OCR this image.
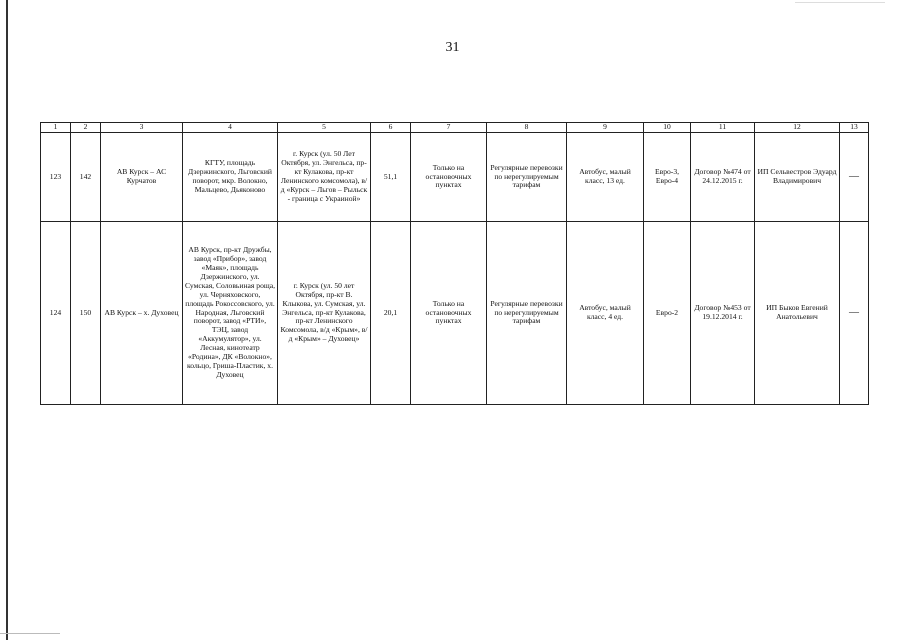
31
1	2	3	4	5	6	7	8	9	10	11	12	13
123	142	АВ Курск – АС Курчатов	КГТУ, площадь Дзержинского, Льговский поворот, мкр. Волокно, Мальцево, Дьяконово	г. Курск (ул. 50 Лет Октября, ул. Энгельса, пр-кт Кулакова, пр-кт Ленинского комсомола), в/д «Курск – Льгов – Рыльск - граница с Украиной»	51,1	Только на остановочных пунктах	Регулярные перевозки по нерегулируемым тарифам	Автобус, малый класс, 13 ед.	Евро-3, Евро-4	Договор №474 от 24.12.2015 г.	ИП Сельвестров Эдуард Владимирович	—
124	150	АВ Курск – х. Духовец	АВ Курск, пр-кт Дружбы, завод «Прибор», завод «Маяк», площадь Дзержинского, ул. Сумская, Соловьиная роща, ул. Черняховского, площадь Рокоссовского, ул. Народная, Льговский поворот, завод «РТИ», ТЭЦ, завод «Аккумулятор», ул. Лесная, кинотеатр «Родина», ДК «Волокно», кольцо, Гриша-Пластик, х. Духовец	г. Курск (ул. 50 лет Октября, пр-кт В. Клыкова, ул. Сумская, ул. Энгельса, пр-кт Кулакова, пр-кт Ленинского Комсомола, в/д «Крым», в/д «Крым» – Духовец»	20,1	Только на остановочных пунктах	Регулярные перевозки по нерегулируемым тарифам	Автобус, малый класс, 4 ед.	Евро-2	Договор №453 от 19.12.2014 г.	ИП Быков Евгений Анатольевич	—
